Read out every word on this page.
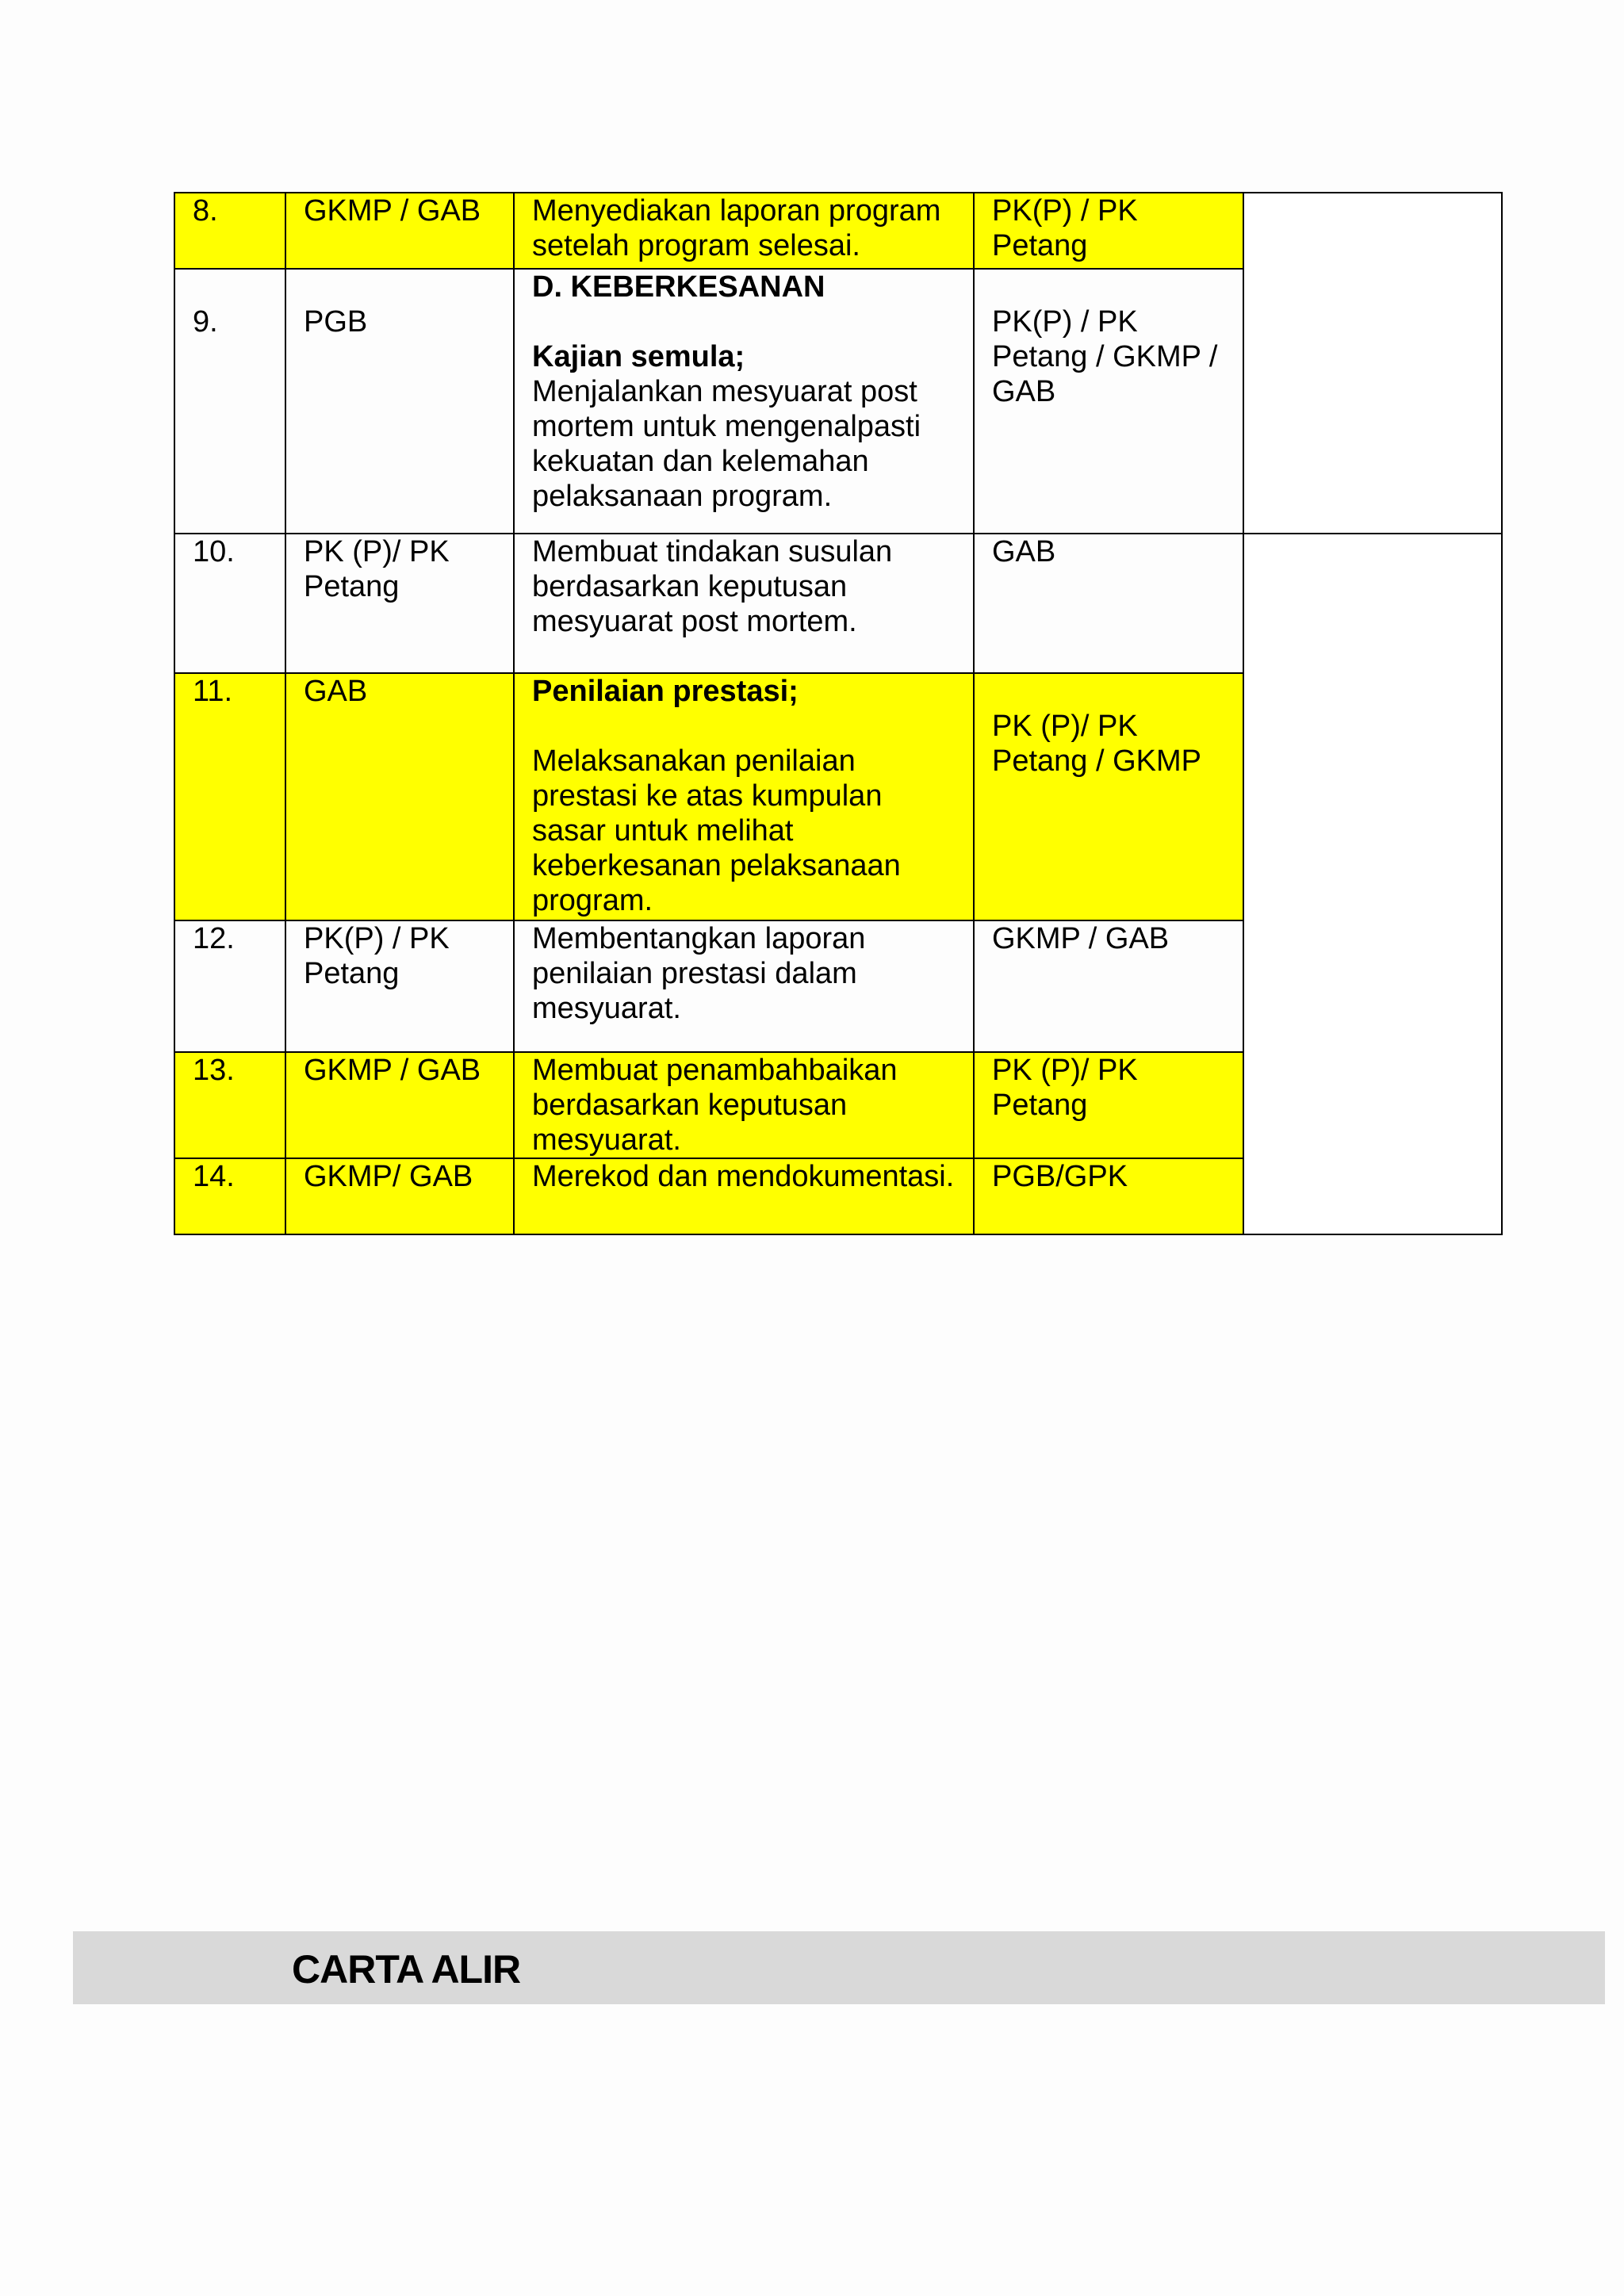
8.	GKMP / GAB	Menyediakan laporan program setelah program selesai.	PK(P) / PK Petang	

9.	PGB	D. KEBERKESANAN
Kajian semula;
Menjalankan mesyuarat post mortem untuk mengenalpasti kekuatan dan kelemahan pelaksanaan program.	PK(P) / PK Petang / GKMP / GAB	
10.	PK (P)/ PK Petang	Membuat tindakan susulan berdasarkan keputusan mesyuarat post mortem.	GAB	
11.	GAB	Penilaian prestasi;
Melaksanakan penilaian prestasi ke atas kumpulan sasar untuk melihat keberkesanan pelaksanaan program.	PK (P)/ PK Petang / GKMP	
12.	PK(P) / PK Petang	Membentangkan laporan penilaian prestasi dalam mesyuarat.	GKMP / GAB	
13.	GKMP / GAB	Membuat penambahbaikan berdasarkan keputusan mesyuarat.	PK (P)/ PK Petang	
14.	GKMP/ GAB	Merekod dan mendokumentasi.	PGB/GPK	
CARTA ALIR
